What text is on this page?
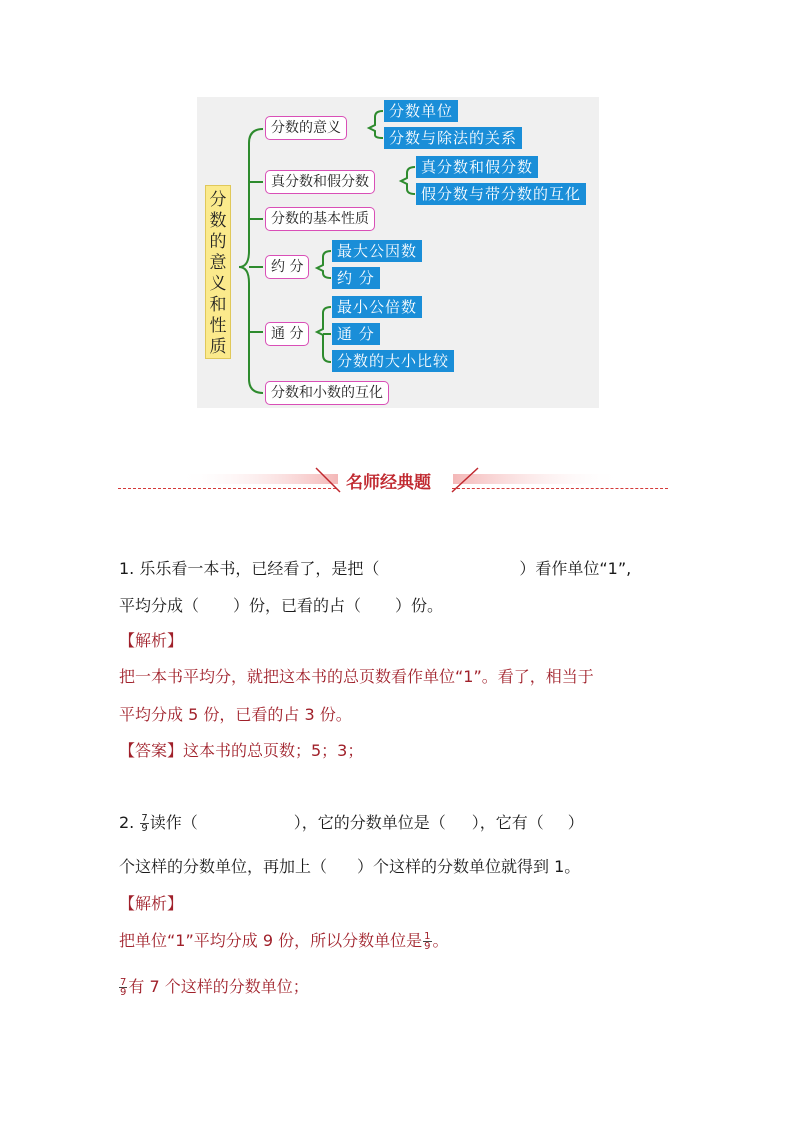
分数的意义和性质
分数的意义
分数单位
分数与除法的关系
真分数和假分数
真分数和假分数
假分数与带分数的互化
分数的基本性质
约 分
最大公因数
约 分
通 分
最小公倍数
通 分
分数的大小比较
分数和小数的互化
名师经典题
1. 乐乐看一本书，已经看了，是把（	）看作单位“1”,
平均分成（ ）份，已看的占（ ）份。
【解析】
把一本书平均分，就把这本书的总页数看作单位“1”。看了，相当于
平均分成 5 份，已看的占 3 份。
【答案】这本书的总页数；5；3；
2. $\frac{7}{9}$ 读作（	），它的分数单位是（ ），它有（ ）
个这样的分数单位，再加上（ ）个这样的分数单位就得到 1。
【解析】
把单位“1”平均分成 9 份，所以分数单位是 $\frac{1}{9}$ 。
$\frac{7}{9}$ 有 7 个这样的分数单位；
